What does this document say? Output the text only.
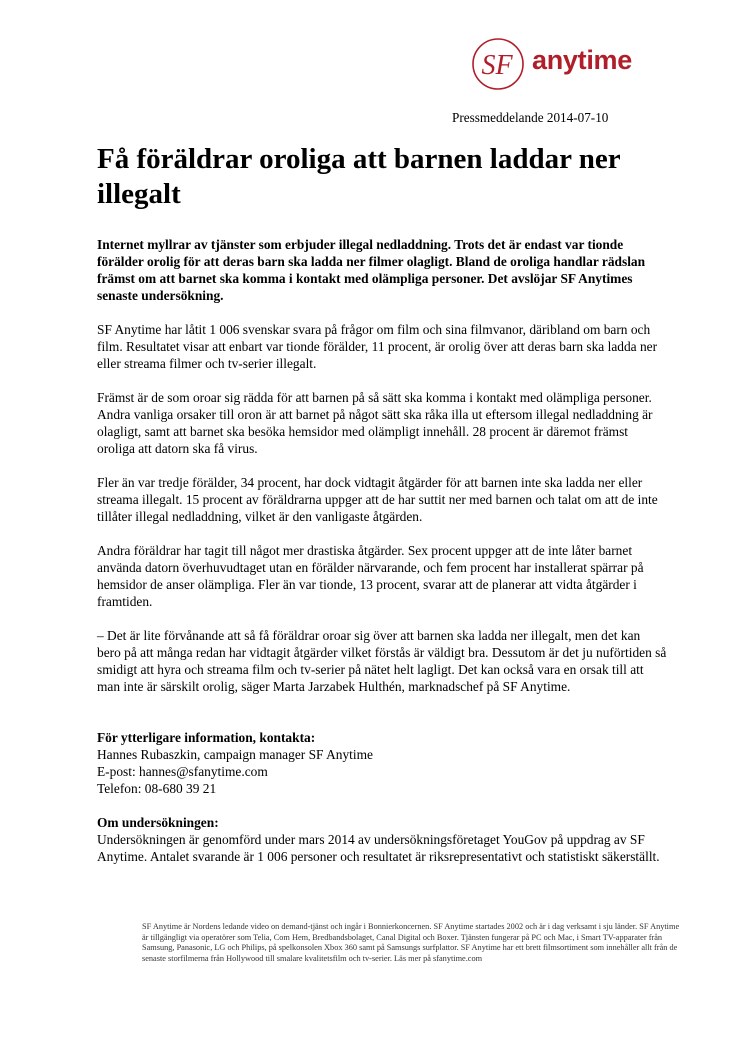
SF anytime
Pressmeddelande 2014-07-10
Få föräldrar oroliga att barnen laddar ner illegalt

Internet myllrar av tjänster som erbjuder illegal nedladdning. Trots det är endast var tionde förälder orolig för att deras barn ska ladda ner filmer olagligt. Bland de oroliga handlar rädslan främst om att barnet ska komma i kontakt med olämpliga personer. Det avslöjar SF Anytimes senaste undersökning.

SF Anytime har låtit 1 006 svenskar svara på frågor om film och sina filmvanor, däribland om barn och film. Resultatet visar att enbart var tionde förälder, 11 procent, är orolig över att deras barn ska ladda ner eller streama filmer och tv-serier illegalt.

Främst är de som oroar sig rädda för att barnen på så sätt ska komma i kontakt med olämpliga personer. Andra vanliga orsaker till oron är att barnet på något sätt ska råka illa ut eftersom illegal nedladdning är olagligt, samt att barnet ska besöka hemsidor med olämpligt innehåll. 28 procent är däremot främst oroliga att datorn ska få virus.

Fler än var tredje förälder, 34 procent, har dock vidtagit åtgärder för att barnen inte ska ladda ner eller streama illegalt. 15 procent av föräldrarna uppger att de har suttit ner med barnen och talat om att de inte tillåter illegal nedladdning, vilket är den vanligaste åtgärden.

Andra föräldrar har tagit till något mer drastiska åtgärder. Sex procent uppger att de inte låter barnet använda datorn överhuvudtaget utan en förälder närvarande, och fem procent har installerat spärrar på hemsidor de anser olämpliga. Fler än var tionde, 13 procent, svarar att de planerar att vidta åtgärder i framtiden.

– Det är lite förvånande att så få föräldrar oroar sig över att barnen ska ladda ner illegalt, men det kan bero på att många redan har vidtagit åtgärder vilket förstås är väldigt bra. Dessutom är det ju nuförtiden så smidigt att hyra och streama film och tv-serier på nätet helt lagligt. Det kan också vara en orsak till att man inte är särskilt orolig, säger Marta Jarzabek Hulthén, marknadschef på SF Anytime.

För ytterligare information, kontakta:
Hannes Rubaszkin, campaign manager SF Anytime
E-post: hannes@sfanytime.com
Telefon: 08-680 39 21

Om undersökningen:
Undersökningen är genomförd under mars 2014 av undersökningsföretaget YouGov på uppdrag av SF Anytime. Antalet svarande är 1 006 personer och resultatet är riksrepresentativt och statistiskt säkerställt.

SF Anytime är Nordens ledande video on demand-tjänst och ingår i Bonnierkoncernen. SF Anytime startades 2002 och är i dag verksamt i sju länder. SF Anytime är tillgängligt via operatörer som Telia, Com Hem, Bredbandsbolaget, Canal Digital och Boxer. Tjänsten fungerar på PC och Mac, i Smart TV-apparater från Samsung, Panasonic, LG och Philips, på spelkonsolen Xbox 360 samt på Samsungs surfplattor. SF Anytime har ett brett filmsortiment som innehåller allt från de senaste storfilmerna från Hollywood till smalare kvalitetsfilm och tv-serier. Läs mer på sfanytime.com
